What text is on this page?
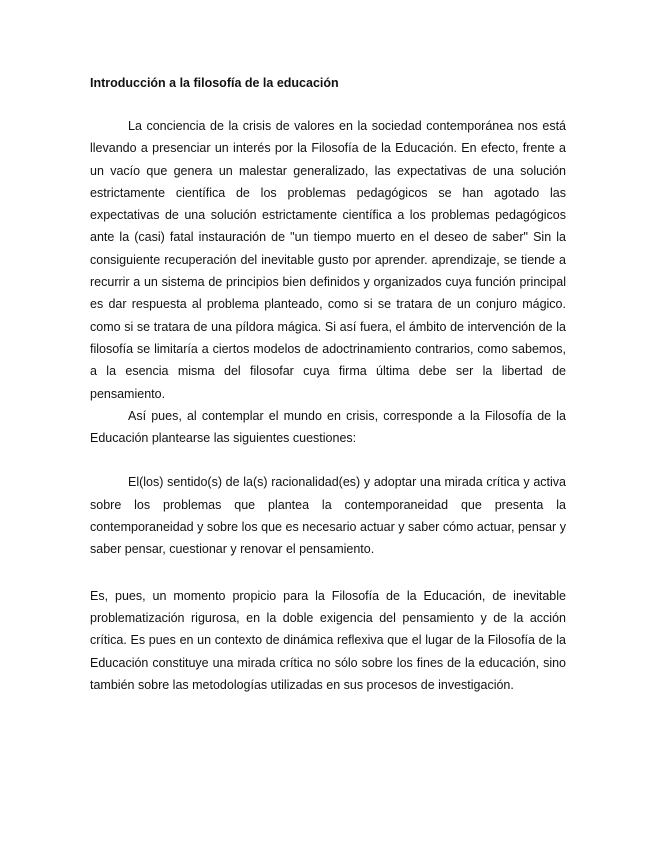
Introducción a la filosofía de la educación

La conciencia de la crisis de valores en la sociedad contemporánea nos está llevando a presenciar un interés por la Filosofía de la Educación. En efecto, frente a un vacío que genera un malestar generalizado, las expectativas de una solución estrictamente científica de los problemas pedagógicos se han agotado las expectativas de una solución estrictamente científica a los problemas pedagógicos ante la (casi) fatal instauración de "un tiempo muerto en el deseo de saber" Sin la consiguiente recuperación del inevitable gusto por aprender. aprendizaje, se tiende a recurrir a un sistema de principios bien definidos y organizados cuya función principal es dar respuesta al problema planteado, como si se tratara de un conjuro mágico. como si se tratara de una píldora mágica. Si así fuera, el ámbito de intervención de la filosofía se limitaría a ciertos modelos de adoctrinamiento contrarios, como sabemos, a la esencia misma del filosofar cuya firma última debe ser la libertad de pensamiento.

Así pues, al contemplar el mundo en crisis, corresponde a la Filosofía de la Educación plantearse las siguientes cuestiones:

El(los) sentido(s) de la(s) racionalidad(es) y adoptar una mirada crítica y activa sobre los problemas que plantea la contemporaneidad que presenta la contemporaneidad y sobre los que es necesario actuar y saber cómo actuar, pensar y saber pensar, cuestionar y renovar el pensamiento.

Es, pues, un momento propicio para la Filosofía de la Educación, de inevitable problematización rigurosa, en la doble exigencia del pensamiento y de la acción crítica. Es pues en un contexto de dinámica reflexiva que el lugar de la Filosofía de la Educación constituye una mirada crítica no sólo sobre los fines de la educación, sino también sobre las metodologías utilizadas en sus procesos de investigación.
